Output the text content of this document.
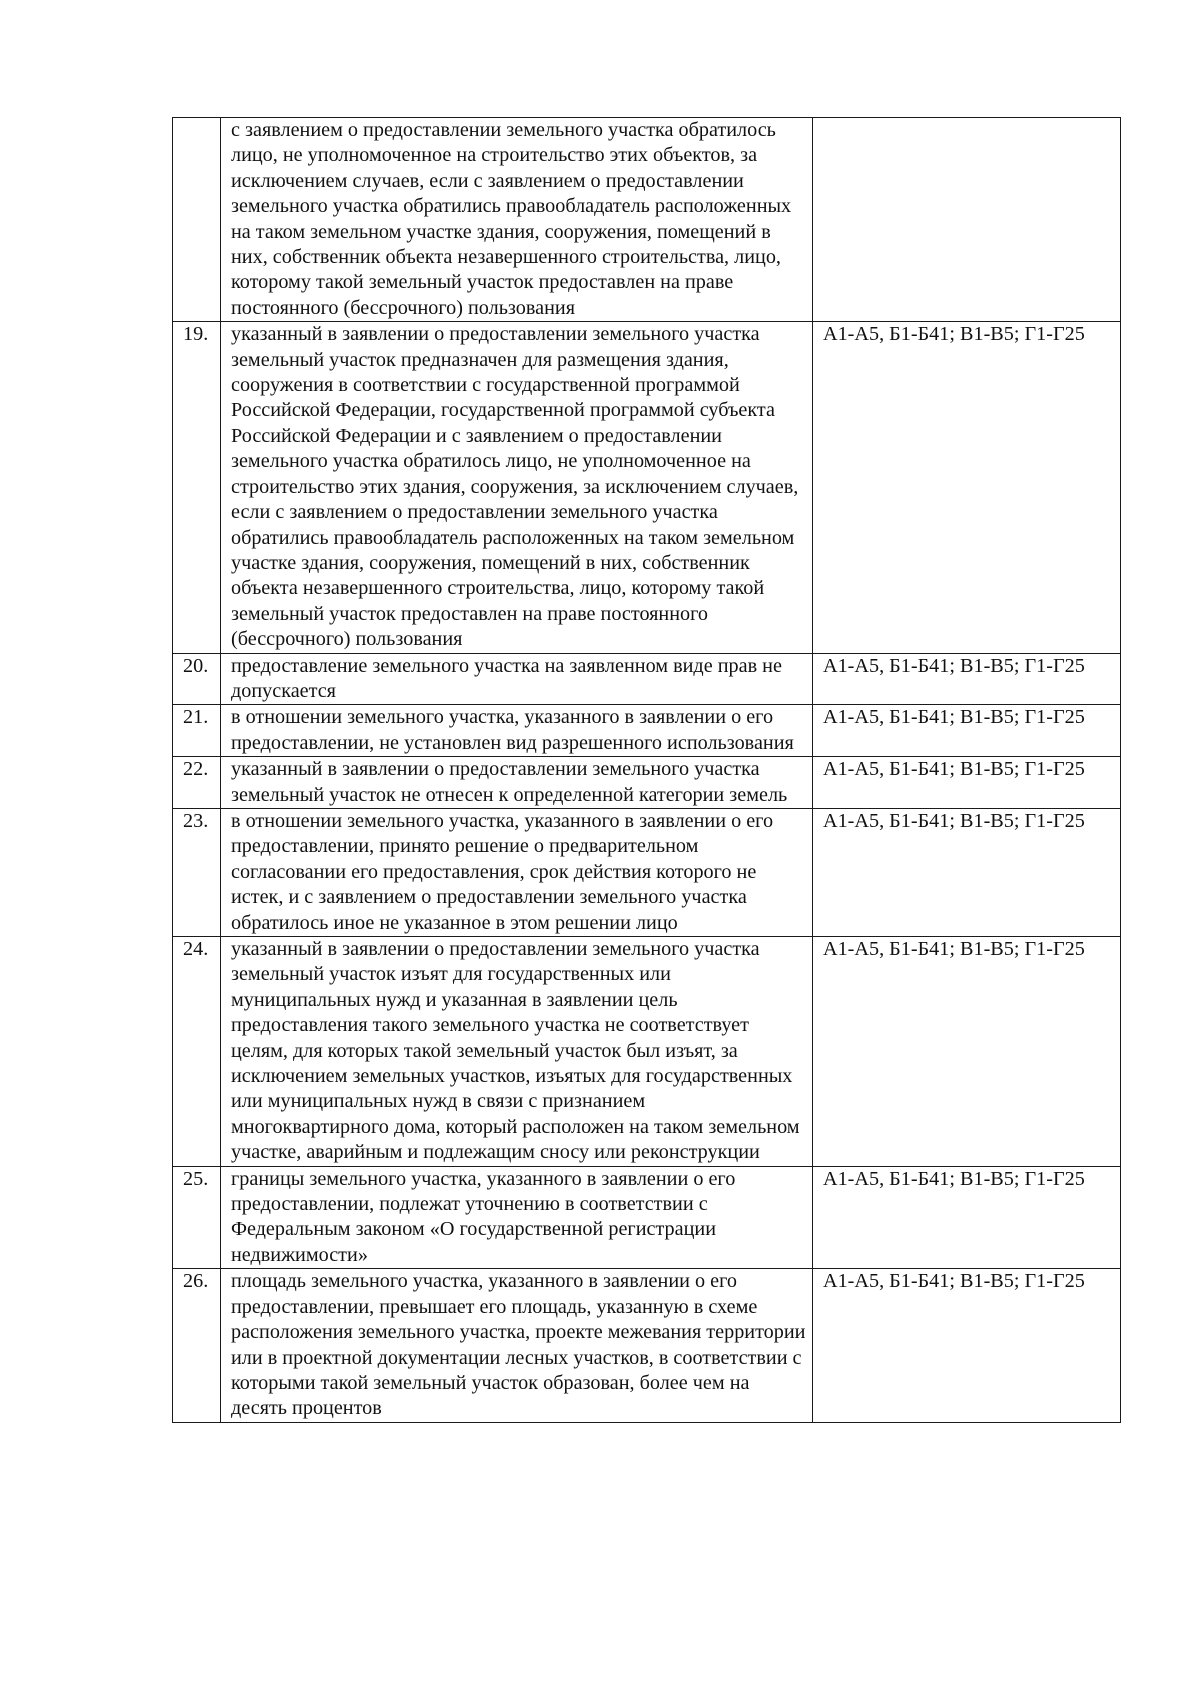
	с заявлением о предоставлении земельного участка обратилось лицо, не уполномоченное на строительство этих объектов, за исключением случаев, если с заявлением о предоставлении земельного участка обратились правообладатель расположенных на таком земельном участке здания, сооружения, помещений в них, собственник объекта незавершенного строительства, лицо, которому такой земельный участок предоставлен на праве постоянного (бессрочного) пользования	
19.	указанный в заявлении о предоставлении земельного участка земельный участок предназначен для размещения здания, сооружения в соответствии с государственной программой Российской Федерации, государственной программой субъекта Российской Федерации и с заявлением о предоставлении земельного участка обратилось лицо, не уполномоченное на строительство этих здания, сооружения, за исключением случаев, если с заявлением о предоставлении земельного участка обратились правообладатель расположенных на таком земельном участке здания, сооружения, помещений в них, собственник объекта незавершенного строительства, лицо, которому такой земельный участок предоставлен на праве постоянного (бессрочного) пользования	А1-А5, Б1-Б41; В1-В5; Г1-Г25
20.	предоставление земельного участка на заявленном виде прав не допускается	А1-А5, Б1-Б41; В1-В5; Г1-Г25
21.	в отношении земельного участка, указанного в заявлении о его предоставлении, не установлен вид разрешенного использования	А1-А5, Б1-Б41; В1-В5; Г1-Г25
22.	указанный в заявлении о предоставлении земельного участка земельный участок не отнесен к определенной категории земель	А1-А5, Б1-Б41; В1-В5; Г1-Г25
23.	в отношении земельного участка, указанного в заявлении о его предоставлении, принято решение о предварительном согласовании его предоставления, срок действия которого не истек, и с заявлением о предоставлении земельного участка обратилось иное не указанное в этом решении лицо	А1-А5, Б1-Б41; В1-В5; Г1-Г25
24.	указанный в заявлении о предоставлении земельного участка земельный участок изъят для государственных или муниципальных нужд и указанная в заявлении цель предоставления такого земельного участка не соответствует целям, для которых такой земельный участок был изъят, за исключением земельных участков, изъятых для государственных или муниципальных нужд в связи с признанием многоквартирного дома, который расположен на таком земельном участке, аварийным и подлежащим сносу или реконструкции	А1-А5, Б1-Б41; В1-В5; Г1-Г25
25.	границы земельного участка, указанного в заявлении о его предоставлении, подлежат уточнению в соответствии с Федеральным законом «О государственной регистрации недвижимости»	А1-А5, Б1-Б41; В1-В5; Г1-Г25
26.	площадь земельного участка, указанного в заявлении о его предоставлении, превышает его площадь, указанную в схеме расположения земельного участка, проекте межевания территории или в проектной документации лесных участков, в соответствии с которыми такой земельный участок образован, более чем на десять процентов	А1-А5, Б1-Б41; В1-В5; Г1-Г25
